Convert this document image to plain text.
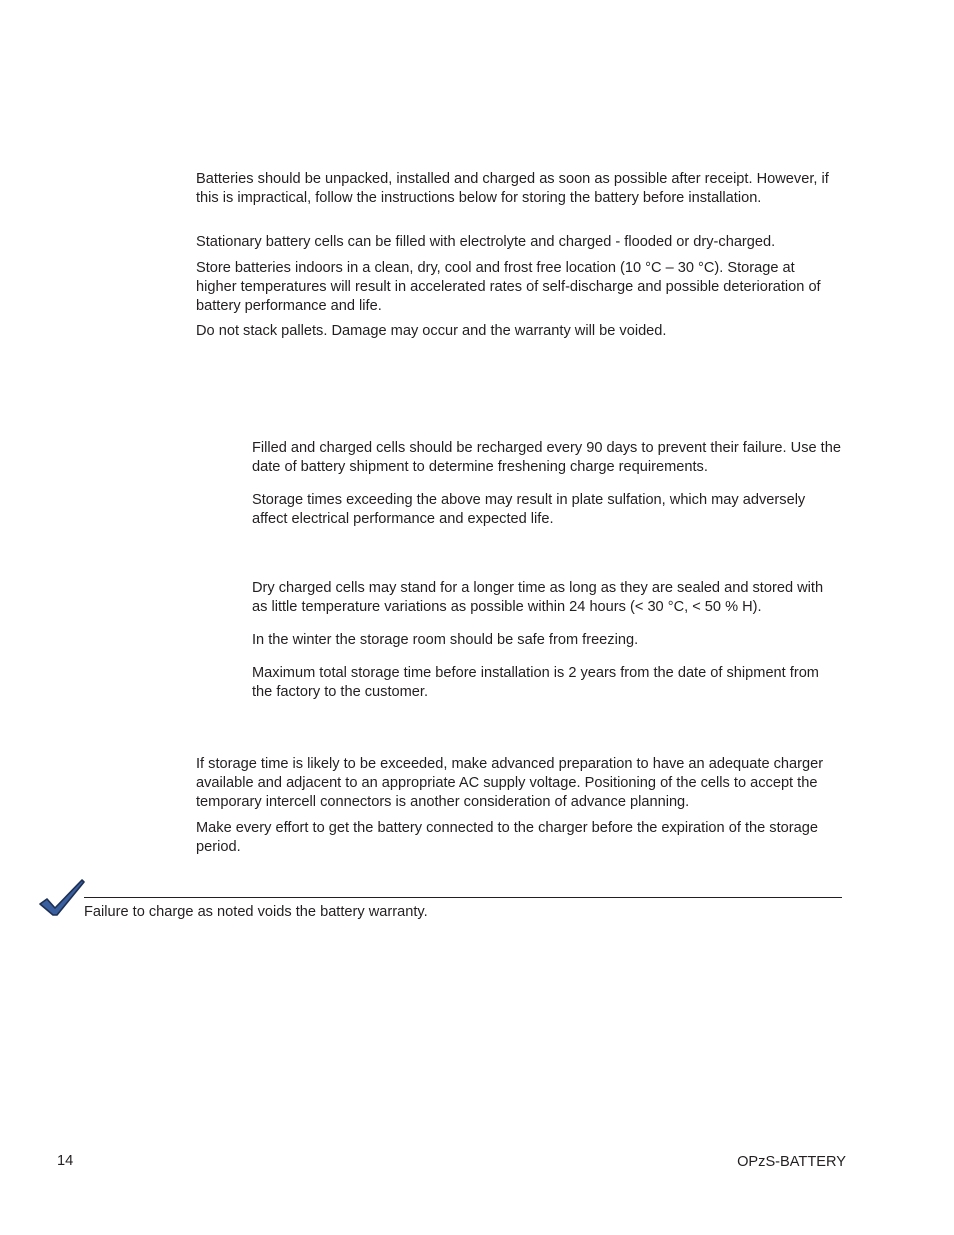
Batteries should be unpacked, installed and charged as soon as possible after receipt. However, if this is impractical, follow the instructions below for storing the battery before installation.

Stationary battery cells can be filled with electrolyte and charged - flooded or dry-charged.

Store batteries indoors in a clean, dry, cool and frost free location (10 °C – 30 °C). Storage at higher temperatures will result in accelerated rates of self-discharge and possible deterioration of battery performance and life.

Do not stack pallets. Damage may occur and the warranty will be voided.

Filled and charged cells should be recharged every 90 days to prevent their failure. Use the date of battery shipment to determine freshening charge requirements.

Storage times exceeding the above may result in plate sulfation, which may adversely affect electrical performance and expected life.

Dry charged cells may stand for a longer time as long as they are sealed and stored with as little temperature variations as possible within 24 hours (< 30 °C, < 50 % H).

In the winter the storage room should be safe from freezing.

Maximum total storage time before installation is 2 years from the date of shipment from the factory to the customer.

If storage time is likely to be exceeded, make advanced preparation to have an adequate charger available and adjacent to an appropriate AC supply voltage. Positioning of the cells to accept the temporary intercell connectors is another consideration of advance planning.

Make every effort to get the battery connected to the charger before the expiration of the storage period.

Failure to charge as noted voids the battery warranty.

14	OPzS-BATTERY
